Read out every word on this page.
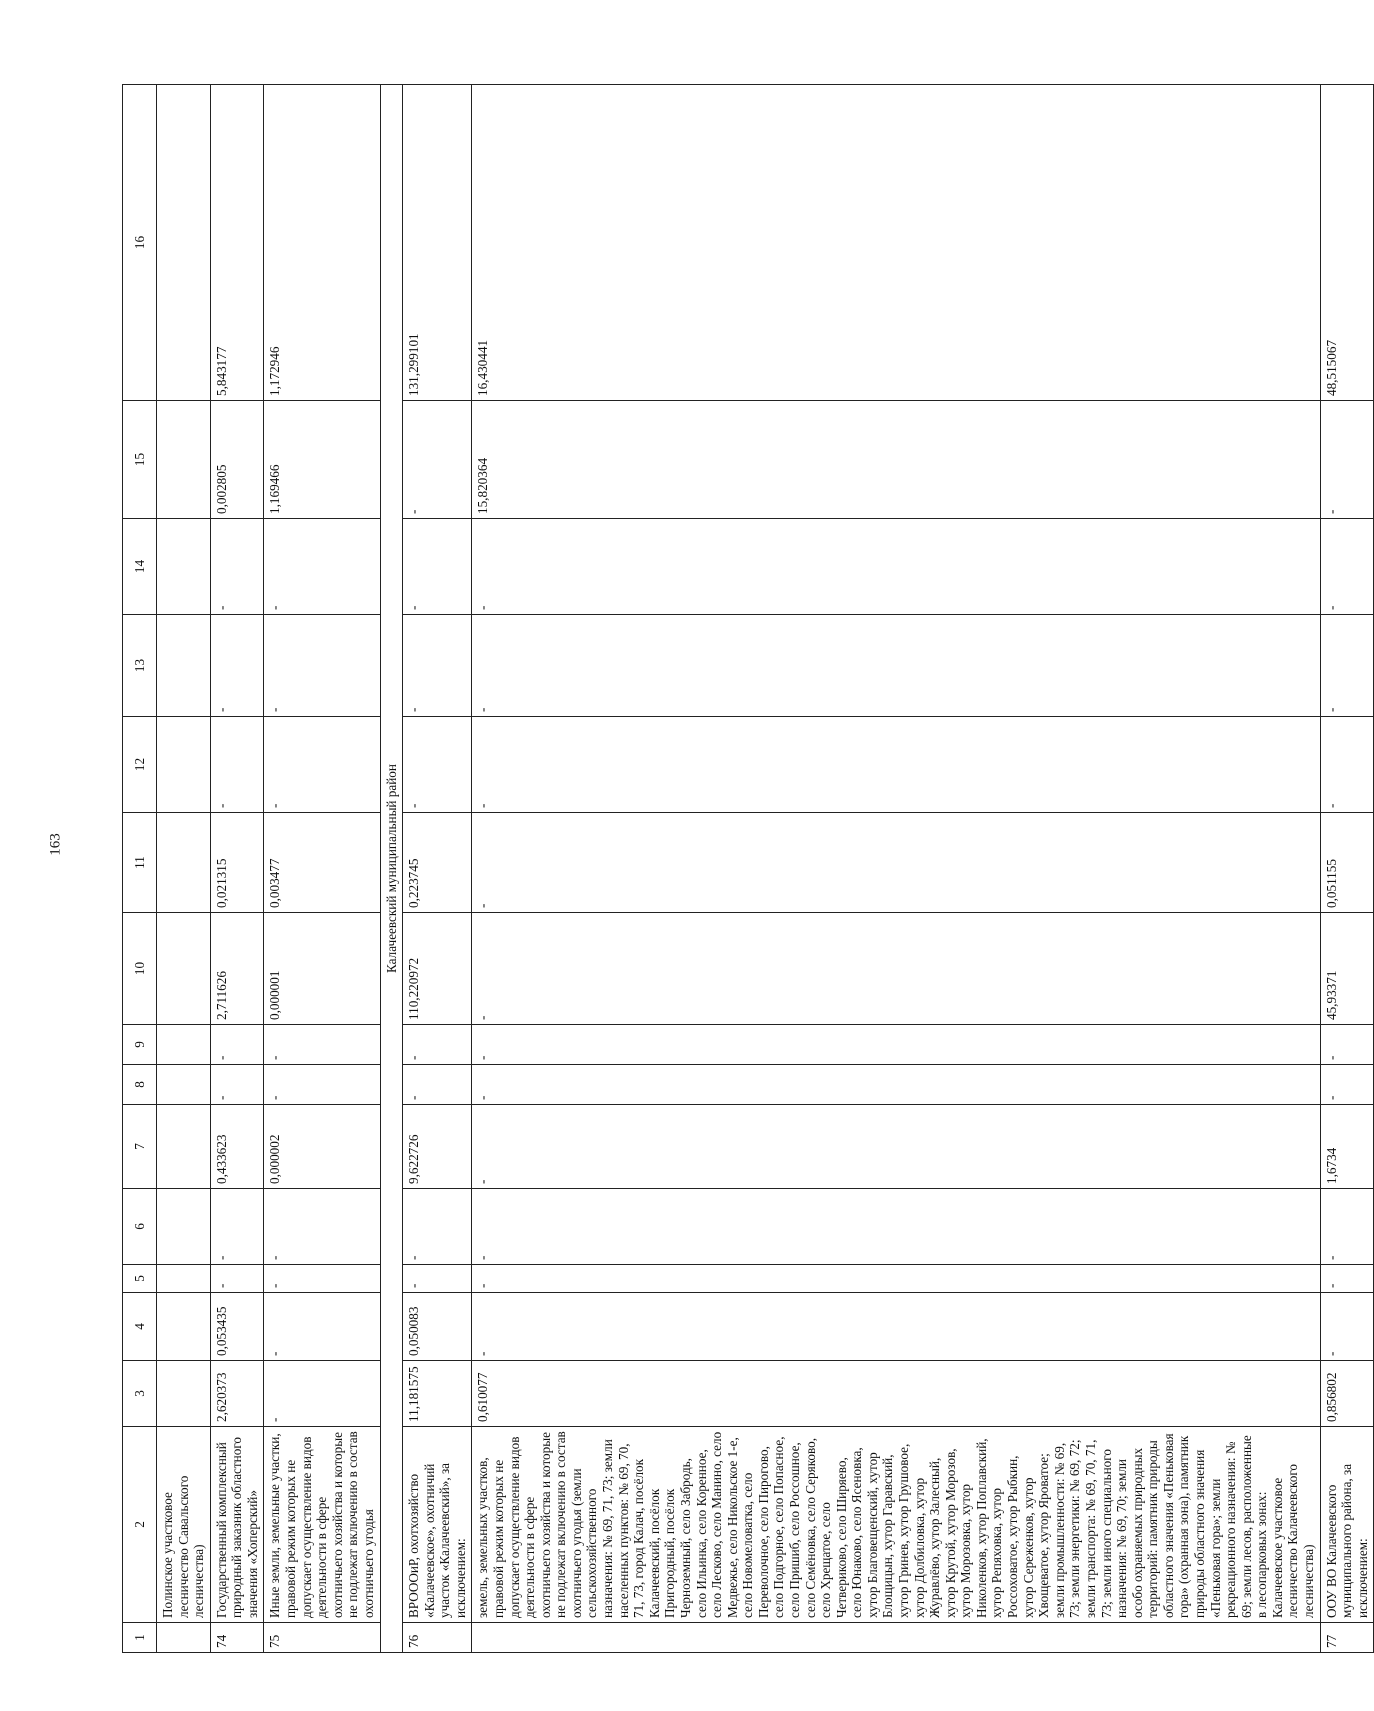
163
1	2	3	4	5	6	7	8	9	10	11	12	13	14	15	16
	Полинское участковое лесничество Савальского лесничества)														
74	Государственный комплексный природный заказник областного значения «Хоперский»	2,620373	0,053435	-	-	0,433623	-	-	2,711626	0,021315	-	-	-	0,002805	5,843177
75	Иные земли, земельные участки, правовой режим которых не допускает осуществление видов деятельности в сфере охотничьего хозяйства и которые не подлежат включению в состав охотничьего угодья	-	-	-	-	0,000002	-	-	0,000001	0,003477	-	-	-	1,169466	1,172946
Калачеевский муниципальный район															
76	ВРОООиР, охотхозяйство «Калачеевское», охотничий участок «Калачеевский», за исключением:	11,181575	0,050083	-	-	9,622726	-	-	110,220972	0,223745	-	-	-	-	131,299101
	земель, земельных участков, правовой режим которых не допускает осуществление видов деятельности в сфере охотничьего хозяйства и которые не подлежат включению в состав охотничьего угодья (земли сельскохозяйственного назначения: № 69, 71, 73; земли населенных пунктов: № 69, 70, 71, 73, город Калач, посёлок Калачеевский, посёлок Пригородный, посёлок Черноземный, село Забродь, село Ильинка, село Коренное, село Лесково, село Манино, село Медвежье, село Никольское 1-е, село Новомеловатка, село Переволочное, село Пирогово, село Подгорное, село Попасное, село Пришиб, село Россошное, село Семёновка, село Серяково, село Хрещатое, село Четвериково, село Ширяево, село Юнаково, село Ясеновка, хутор Благовещенский, хутор Блощицын, хутор Гаравский, хутор Гринев, хутор Грушовое, хутор Долбиловка, хутор Журавлёво, хутор Залесный, хутор Крутой, хутор Морозов, хутор Морозовка, хутор Николенков, хутор Поплавский, хутор Репяховка, хутор Россоховатое, хутор Рыбкин, хутор Сереженков, хутор Хвощеватое, хутор Яроватое; земли промышленности: № 69, 73; земли энергетики: № 69, 72; земли транспорта: № 69, 70, 71, 73; земли иного специального назначения: № 69, 70; земли особо охраняемых природных территорий: памятник природы областного значения «Пеньковая гора» (охранная зона), памятник природы областного значения «Пеньковая гора»; земли рекреационного назначения: № 69; земли лесов, расположенные в лесопарковых зонах: Калачеевское участковое лесничество Калачеевского лесничества)	0,610077	-	-	-	-	-	-	-	-	-	-	-	15,820364	16,430441
77	ООУ ВО Калачеевского муниципального района, за исключением:	0,856802	-	-	-	1,6734	-	-	45,93371	0,051155	-	-	-	-	48,515067
